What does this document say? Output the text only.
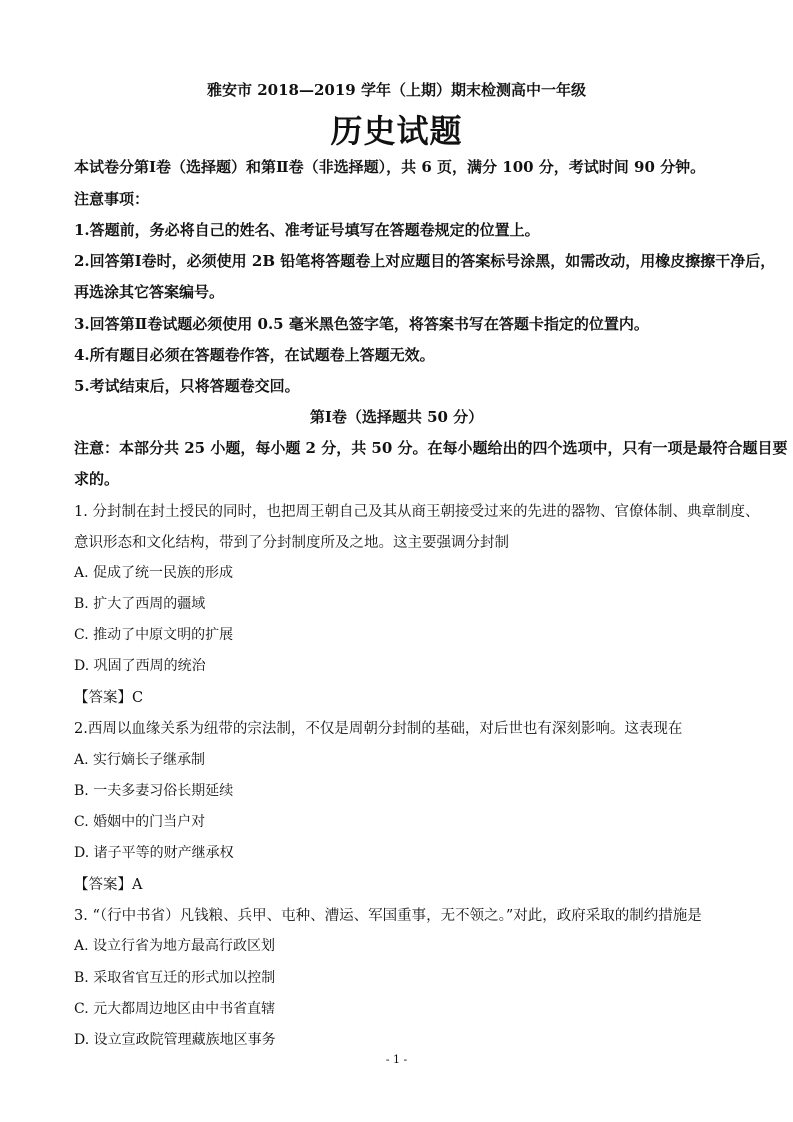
雅安市 2018—2019 学年（上期）期末检测高中一年级
历史试题
本试卷分第Ⅰ卷（选择题）和第Ⅱ卷（非选择题），共 6 页，满分 100 分，考试时间 90 分钟。
注意事项：
1.答题前，务必将自己的姓名、准考证号填写在答题卷规定的位置上。
2.回答第Ⅰ卷时，必须使用 2B 铅笔将答题卷上对应题目的答案标号涂黑，如需改动，用橡皮擦擦干净后，
再选涂其它答案编号。
3.回答第Ⅱ卷试题必须使用 0.5 毫米黑色签字笔，将答案书写在答题卡指定的位置内。
4.所有题目必须在答题卷作答，在试题卷上答题无效。
5.考试结束后，只将答题卷交回。
第Ⅰ卷（选择题共 50 分）
注意：本部分共 25 小题，每小题 2 分，共 50 分。在每小题给出的四个选项中，只有一项是最符合题目要
求的。
1. 分封制在封土授民的同时，也把周王朝自己及其从商王朝接受过来的先进的器物、官僚体制、典章制度、
意识形态和文化结构，带到了分封制度所及之地。这主要强调分封制
A. 促成了统一民族的形成
B. 扩大了西周的疆域
C. 推动了中原文明的扩展
D. 巩固了西周的统治
【答案】C
2.西周以血缘关系为纽带的宗法制，不仅是周朝分封制的基础，对后世也有深刻影响。这表现在
A. 实行嫡长子继承制
B. 一夫多妻习俗长期延续
C. 婚姻中的门当户对
D. 诸子平等的财产继承权
【答案】A
3. “（行中书省）凡钱粮、兵甲、屯种、漕运、军国重事，无不领之。”对此，政府采取的制约措施是
A. 设立行省为地方最高行政区划
B. 采取省官互迁的形式加以控制
C. 元大都周边地区由中书省直辖
D. 设立宣政院管理藏族地区事务
- 1 -
